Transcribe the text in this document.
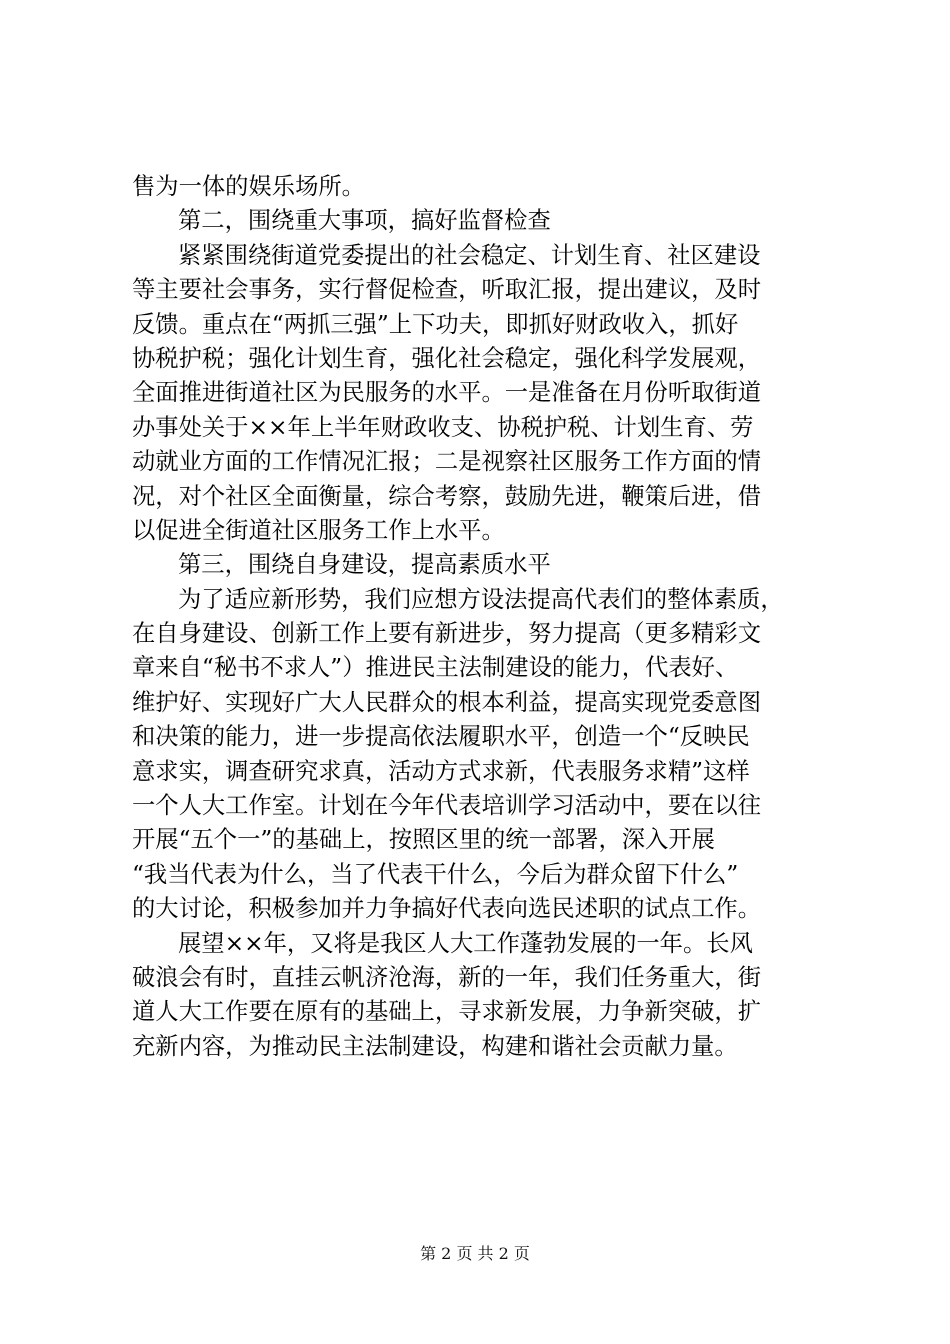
售为一体的娱乐场所。
第二，围绕重大事项，搞好监督检查
紧紧围绕街道党委提出的社会稳定、计划生育、社区建设
等主要社会事务，实行督促检查，听取汇报，提出建议，及时
反馈。重点在“两抓三强”上下功夫，即抓好财政收入，抓好
协税护税；强化计划生育，强化社会稳定，强化科学发展观，
全面推进街道社区为民服务的水平。一是准备在月份听取街道
办事处关于××年上半年财政收支、协税护税、计划生育、劳
动就业方面的工作情况汇报；二是视察社区服务工作方面的情
况，对个社区全面衡量，综合考察，鼓励先进，鞭策后进，借
以促进全街道社区服务工作上水平。
第三，围绕自身建设，提高素质水平
为了适应新形势，我们应想方设法提高代表们的整体素质，
在自身建设、创新工作上要有新进步，努力提高（更多精彩文
章来自“秘书不求人”）推进民主法制建设的能力，代表好、
维护好、实现好广大人民群众的根本利益，提高实现党委意图
和决策的能力，进一步提高依法履职水平，创造一个“反映民
意求实，调查研究求真，活动方式求新，代表服务求精”这样
一个人大工作室。计划在今年代表培训学习活动中，要在以往
开展“五个一”的基础上，按照区里的统一部署，深入开展
“我当代表为什么，当了代表干什么，今后为群众留下什么”
的大讨论，积极参加并力争搞好代表向选民述职的试点工作。
展望××年，又将是我区人大工作蓬勃发展的一年。长风
破浪会有时，直挂云帆济沧海，新的一年，我们任务重大，街
道人大工作要在原有的基础上，寻求新发展，力争新突破，扩
充新内容，为推动民主法制建设，构建和谐社会贡献力量。
第 2 页 共 2 页
